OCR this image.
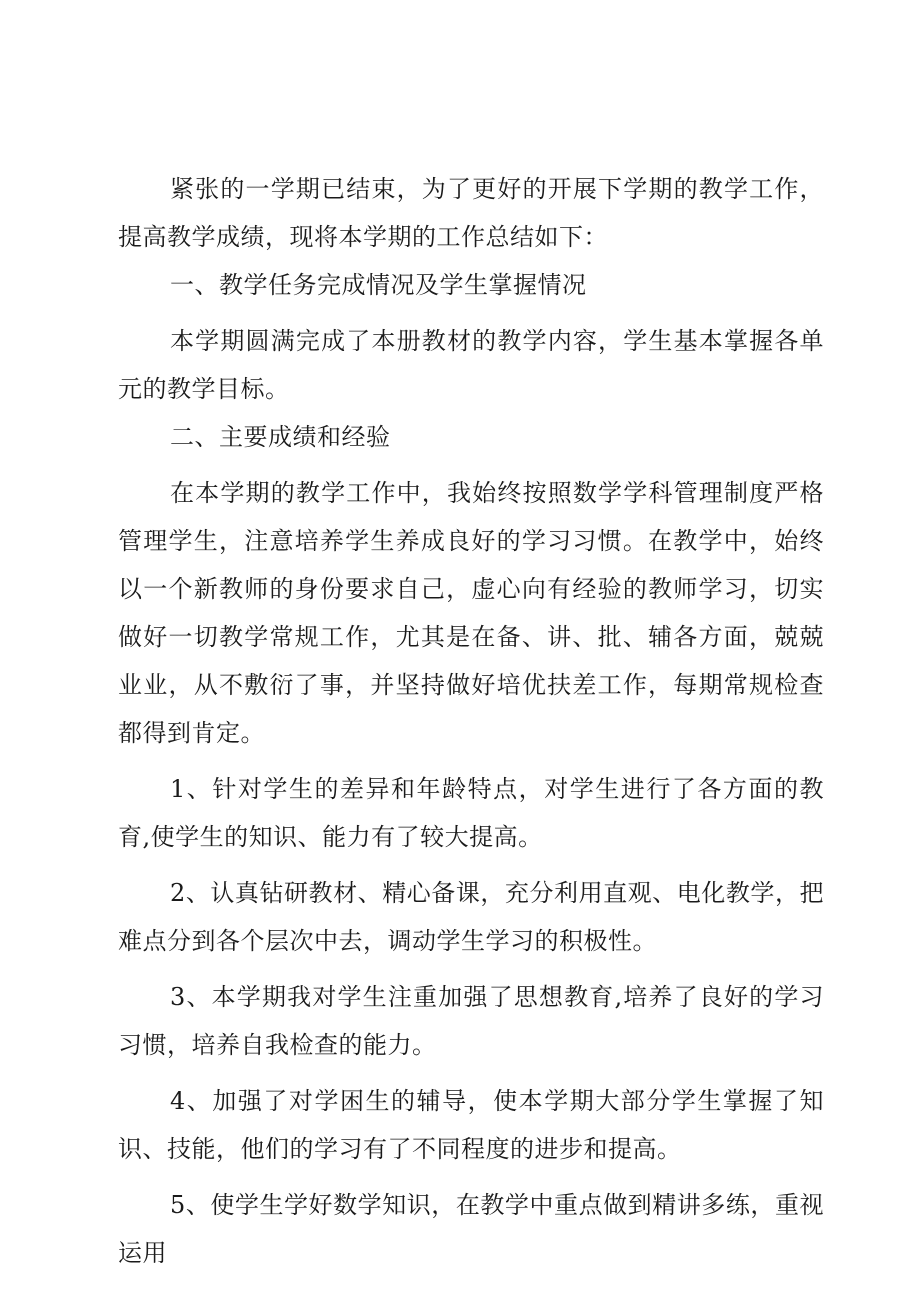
紧张的一学期已结束，为了更好的开展下学期的教学工作，提高教学成绩，现将本学期的工作总结如下：

一、教学任务完成情况及学生掌握情况

本学期圆满完成了本册教材的教学内容，学生基本掌握各单元的教学目标。

二、主要成绩和经验

在本学期的教学工作中，我始终按照数学学科管理制度严格管理学生，注意培养学生养成良好的学习习惯。在教学中，始终以一个新教师的身份要求自己，虚心向有经验的教师学习，切实做好一切教学常规工作，尤其是在备、讲、批、辅各方面，兢兢业业，从不敷衍了事，并坚持做好培优扶差工作，每期常规检查都得到肯定。

1、针对学生的差异和年龄特点，对学生进行了各方面的教育,使学生的知识、能力有了较大提高。

2、认真钻研教材、精心备课，充分利用直观、电化教学，把难点分到各个层次中去，调动学生学习的积极性。

3、本学期我对学生注重加强了思想教育,培养了良好的学习习惯，培养自我检查的能力。

4、加强了对学困生的辅导，使本学期大部分学生掌握了知识、技能，他们的学习有了不同程度的进步和提高。

5、使学生学好数学知识，在教学中重点做到精讲多练，重视运用
